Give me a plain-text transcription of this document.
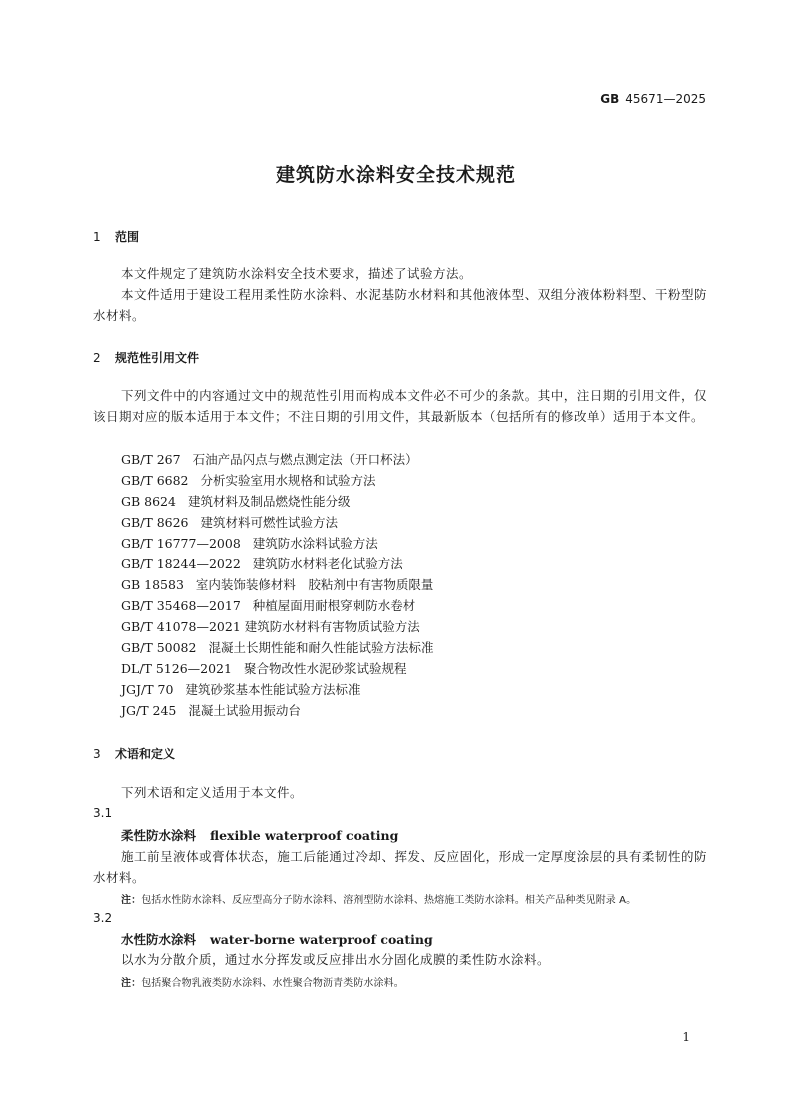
GB 45671—2025
建筑防水涂料安全技术规范
1 范围
本文件规定了建筑防水涂料安全技术要求，描述了试验方法。
本文件适用于建设工程用柔性防水涂料、水泥基防水材料和其他液体型、双组分液体粉料型、干粉型防水材料。
2 规范性引用文件
下列文件中的内容通过文中的规范性引用而构成本文件必不可少的条款。其中，注日期的引用文件，仅该日期对应的版本适用于本文件；不注日期的引用文件，其最新版本（包括所有的修改单）适用于本文件。
GB/T 267 石油产品闪点与燃点测定法（开口杯法）
GB/T 6682 分析实验室用水规格和试验方法
GB 8624 建筑材料及制品燃烧性能分级
GB/T 8626 建筑材料可燃性试验方法
GB/T 16777—2008 建筑防水涂料试验方法
GB/T 18244—2022 建筑防水材料老化试验方法
GB 18583 室内装饰装修材料　胶粘剂中有害物质限量
GB/T 35468—2017 种植屋面用耐根穿刺防水卷材
GB/T 41078—2021 建筑防水材料有害物质试验方法
GB/T 50082 混凝土长期性能和耐久性能试验方法标准
DL/T 5126—2021 聚合物改性水泥砂浆试验规程
JGJ/T 70 建筑砂浆基本性能试验方法标准
JG/T 245 混凝土试验用振动台
3 术语和定义
下列术语和定义适用于本文件。
3.1
柔性防水涂料 flexible waterproof coating
施工前呈液体或膏体状态，施工后能通过冷却、挥发、反应固化，形成一定厚度涂层的具有柔韧性的防水材料。
注：包括水性防水涂料、反应型高分子防水涂料、溶剂型防水涂料、热熔施工类防水涂料。相关产品种类见附录 A。
3.2
水性防水涂料 water-borne waterproof coating
以水为分散介质，通过水分挥发或反应排出水分固化成膜的柔性防水涂料。
注：包括聚合物乳液类防水涂料、水性聚合物沥青类防水涂料。
1
